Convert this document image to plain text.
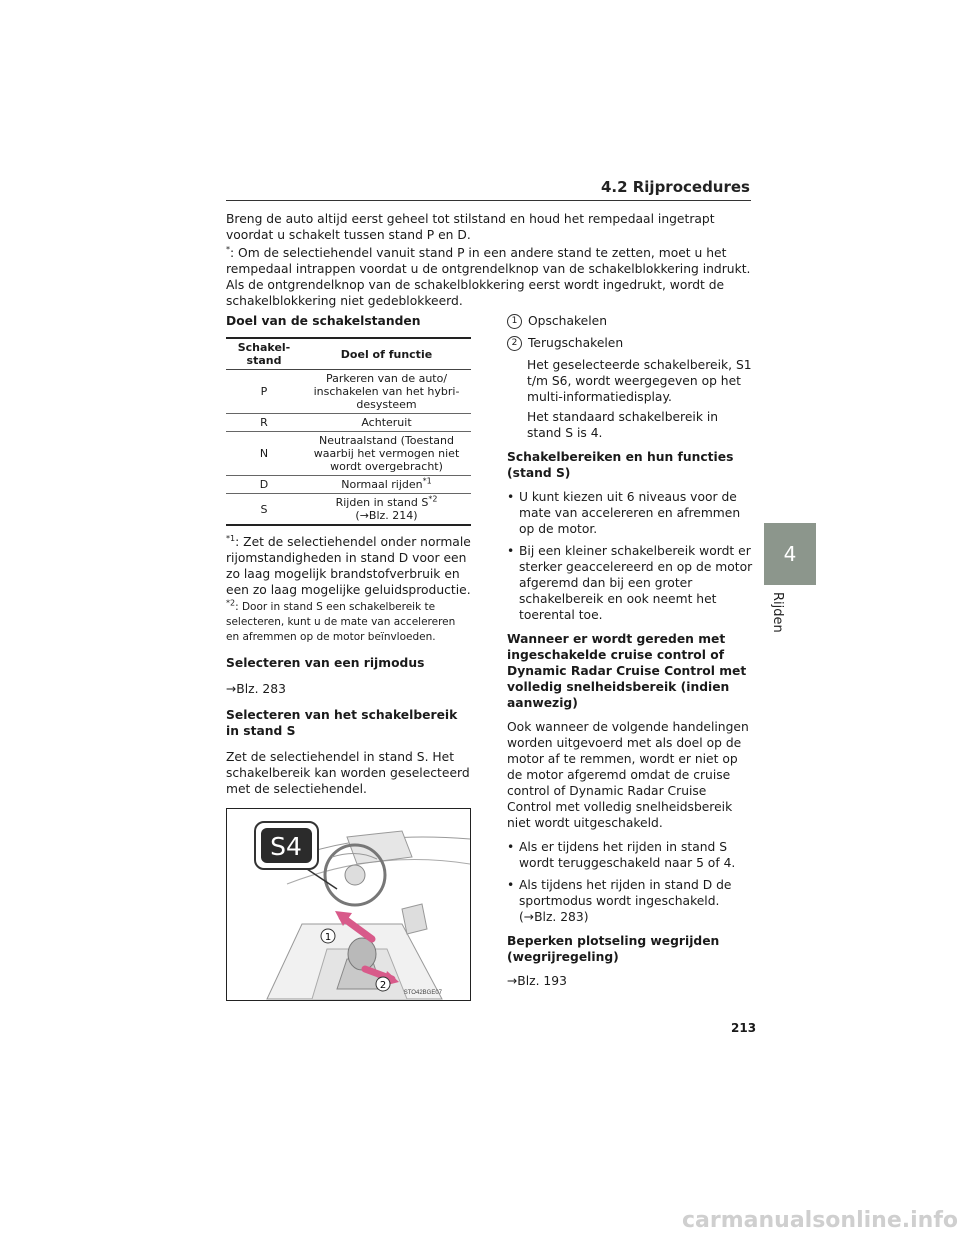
4.2 Rijprocedures
4
Rijden
Breng de auto altijd eerst geheel tot stilstand en houd het rempedaal ingetrapt voordat u schakelt tussen stand P en D.
*: Om de selectiehendel vanuit stand P in een andere stand te zetten, moet u het rempedaal intrappen voordat u de ontgrendelknop van de schakelblokkering indrukt. Als de ontgrendelknop van de schakelblokkering eerst wordt ingedrukt, wordt de schakelblokkering niet gedeblokkeerd.
Doel van de schakelstanden
Schakel-stand	Doel of functie
P	Parkeren van de auto/ inschakelen van het hybri-desysteem
R	Achteruit
N	Neutraalstand (Toestand waarbij het vermogen niet wordt overgebracht)
D	Normaal rijden$^{*1}$
S	Rijden in stand $S^{*2}$
(→Blz. 214)
$^{*1}$: Zet de selectiehendel onder normale rijomstandigheden in stand D voor een zo laag mogelijk brandstofverbruik en een zo laag mogelijke geluidsproductie.
$^{*2}$: Door in stand S een schakelbereik te selecteren, kunt u de mate van accelereren en afremmen op de motor beïnvloeden.
Selecteren van een rijmodus
→Blz. 283
Selecteren van het schakelbereik in stand S
Zet de selectiehendel in stand S. Het schakelbereik kan worden geselecteerd met de selectiehendel.
S4
1
2
STO42BGE07
1 Opschakelen
2 Terugschakelen
Het geselecteerde schakelbereik, S1 t/m S6, wordt weergegeven op het multi-informatiedisplay.
Het standaard schakelbereik in stand S is 4.
Schakelbereiken en hun functies (stand S)
• U kunt kiezen uit 6 niveaus voor de mate van accelereren en afremmen op de motor.
• Bij een kleiner schakelbereik wordt er sterker geaccelereerd en op de motor afgeremd dan bij een groter schakelbereik en ook neemt het toerental toe.
Wanneer er wordt gereden met ingeschakelde cruise control of Dynamic Radar Cruise Control met volledig snelheidsbereik (indien aanwezig)
Ook wanneer de volgende handelingen worden uitgevoerd met als doel op de motor af te remmen, wordt er niet op de motor afgeremd omdat de cruise control of Dynamic Radar Cruise Control met volledig snelheidsbereik niet wordt uitgeschakeld.
• Als er tijdens het rijden in stand S wordt teruggeschakeld naar 5 of 4.
• Als tijdens het rijden in stand D de sportmodus wordt ingeschakeld. (→Blz. 283)
Beperken plotseling wegrijden (wegrijregeling)
→Blz. 193
213
carmanualsonline.info
